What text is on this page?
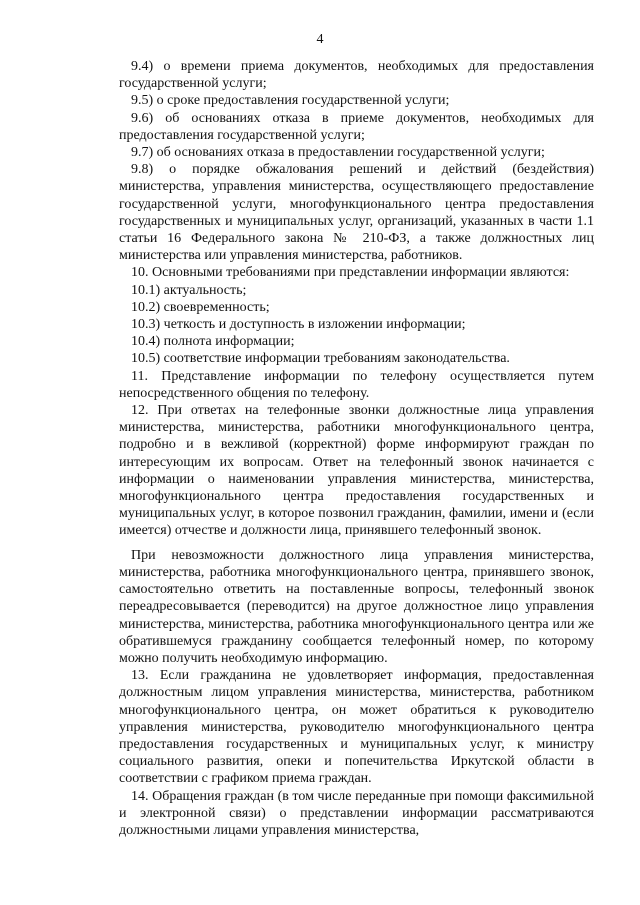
4

9.4) о времени приема документов, необходимых для предоставления государственной услуги;

9.5) о сроке предоставления государственной услуги;

9.6) об основаниях отказа в приеме документов, необходимых для предоставления государственной услуги;

9.7) об основаниях отказа в предоставлении государственной услуги;

9.8) о порядке обжалования решений и действий (бездействия) министерства, управления министерства, осуществляющего предоставление государственной услуги, многофункционального центра предоставления государственных и муниципальных услуг, организаций, указанных в части 1.1 статьи 16 Федерального закона № 210-ФЗ, а также должностных лиц министерства или управления министерства, работников.

10. Основными требованиями при представлении информации являются:

10.1) актуальность;

10.2) своевременность;

10.3) четкость и доступность в изложении информации;

10.4) полнота информации;

10.5) соответствие информации требованиям законодательства.

11. Представление информации по телефону осуществляется путем непосредственного общения по телефону.

12. При ответах на телефонные звонки должностные лица управления министерства, министерства, работники многофункционального центра, подробно и в вежливой (корректной) форме информируют граждан по интересующим их вопросам. Ответ на телефонный звонок начинается с информации о наименовании управления министерства, министерства, многофункционального центра предоставления государственных и муниципальных услуг, в которое позвонил гражданин, фамилии, имени и (если имеется) отчестве и должности лица, принявшего телефонный звонок.

При невозможности должностного лица управления министерства, министерства, работника многофункционального центра, принявшего звонок, самостоятельно ответить на поставленные вопросы, телефонный звонок переадресовывается (переводится) на другое должностное лицо управления министерства, министерства, работника многофункционального центра или же обратившемуся гражданину сообщается телефонный номер, по которому можно получить необходимую информацию.

13. Если гражданина не удовлетворяет информация, предоставленная должностным лицом управления министерства, министерства, работником многофункционального центра, он может обратиться к руководителю управления министерства, руководителю многофункционального центра предоставления государственных и муниципальных услуг, к министру социального развития, опеки и попечительства Иркутской области в соответствии с графиком приема граждан.

14. Обращения граждан (в том числе переданные при помощи факсимильной и электронной связи) о представлении информации рассматриваются должностными лицами управления министерства,
